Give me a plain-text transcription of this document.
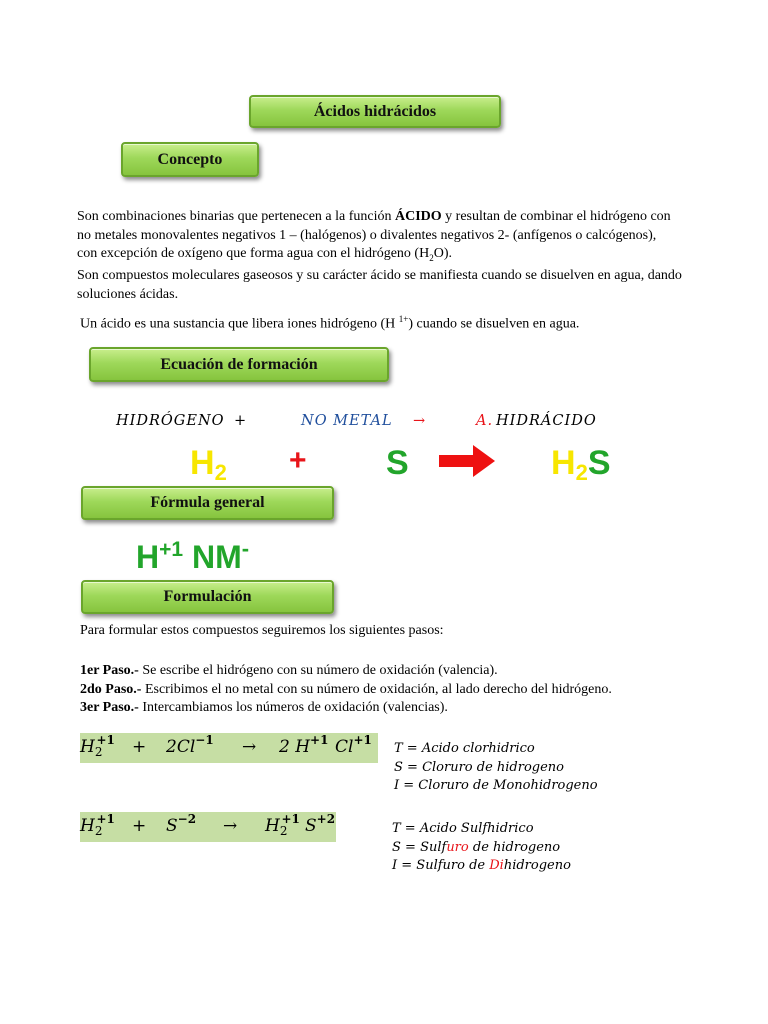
Ácidos hidrácidos
Concepto

Son combinaciones binarias que pertenecen a la función ÁCIDO y resultan de combinar el hidrógeno con

no metales monovalentes negativos 1 – (halógenos) o divalentes negativos 2- (anfígenos o calcógenos),

con excepción de oxígeno que forma agua con el hidrógeno $(H_2O)$.

Son compuestos moleculares gaseosos y su carácter ácido se manifiesta cuando se disuelven en agua, dando

soluciones ácidas.

Un ácido es una sustancia que libera iones hidrógeno (H $^{1+}$) cuando se disuelven en agua.

Ecuación de formación
HIDRÓGENO +	NO METAL →	A. HIDRÁCIDO
$H_2 + S$	$H_2S$
Fórmula general
$H^{+1}$ NM-
Formulación
Para formular estos compuestos seguiremos los siguientes pasos:

1er Paso.- Se escribe el hidrógeno con su número de oxidación (valencia).

2do Paso.- Escribimos el no metal con su número de oxidación, al lado derecho del hidrógeno.

3er Paso.- Intercambiamos los números de oxidación (valencias).

$H_2^{+1} + 2Cl^{-1} \to 2$ $H^{+1}$ $Cl^{+1}$

T = Acido clorhidrico

S = Cloruro de hidrogeno

I = Cloruro de Monohidrogeno

$H_2^{+1} + S^{-2} \to H_2^{+1}$ $S^{+2}$

T = Acido Sulfhidrico

S = Sulfuro de hidrogeno

I = Sulfuro de Dihidrogeno
